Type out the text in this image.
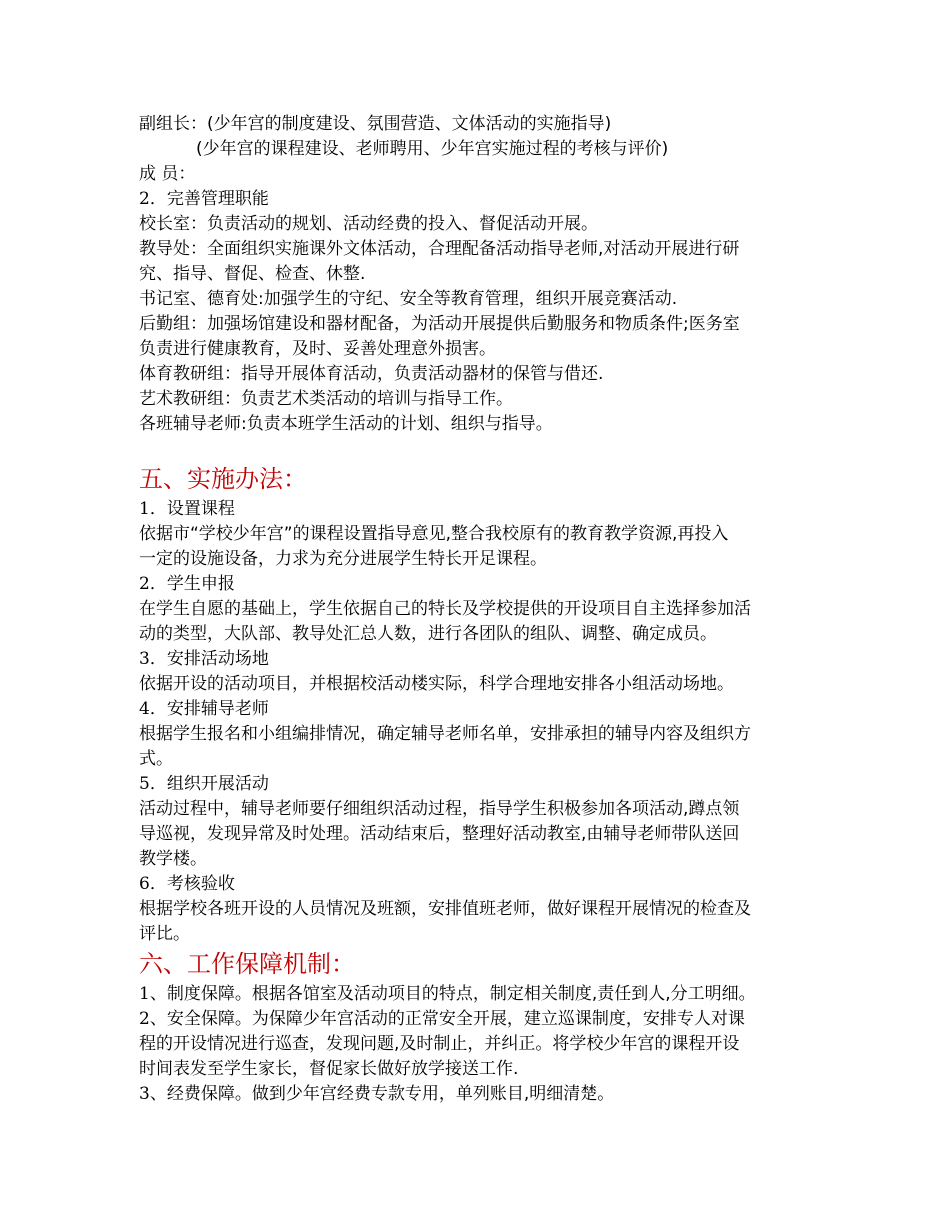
副组长：(少年宫的制度建设、氛围营造、文体活动的实施指导)
(少年宫的课程建设、老师聘用、少年宫实施过程的考核与评价)
成 员：
2．完善管理职能
校长室：负责活动的规划、活动经费的投入、督促活动开展。
教导处：全面组织实施课外文体活动，合理配备活动指导老师,对活动开展进行研
究、指导、督促、检查、休整.
书记室、德育处:加强学生的守纪、安全等教育管理，组织开展竞赛活动.
后勤组：加强场馆建设和器材配备，为活动开展提供后勤服务和物质条件;医务室
负责进行健康教育，及时、妥善处理意外损害。
体育教研组：指导开展体育活动，负责活动器材的保管与借还.
艺术教研组：负责艺术类活动的培训与指导工作。
各班辅导老师:负责本班学生活动的计划、组织与指导。
五、实施办法：
1．设置课程
依据市“学校少年宫”的课程设置指导意见,整合我校原有的教育教学资源,再投入
一定的设施设备，力求为充分进展学生特长开足课程。
2．学生申报
在学生自愿的基础上，学生依据自己的特长及学校提供的开设项目自主选择参加活
动的类型，大队部、教导处汇总人数，进行各团队的组队、调整、确定成员。
3．安排活动场地
依据开设的活动项目，并根据校活动楼实际，科学合理地安排各小组活动场地。
4．安排辅导老师
根据学生报名和小组编排情况，确定辅导老师名单，安排承担的辅导内容及组织方
式。
5．组织开展活动
活动过程中，辅导老师要仔细组织活动过程，指导学生积极参加各项活动,蹲点领
导巡视，发现异常及时处理。活动结束后，整理好活动教室,由辅导老师带队送回
教学楼。
6．考核验收
根据学校各班开设的人员情况及班额，安排值班老师，做好课程开展情况的检查及
评比。
六、工作保障机制：
1、制度保障。根据各馆室及活动项目的特点，制定相关制度,责任到人,分工明细。
2、安全保障。为保障少年宫活动的正常安全开展，建立巡课制度，安排专人对课
程的开设情况进行巡查，发现问题,及时制止，并纠正。将学校少年宫的课程开设
时间表发至学生家长，督促家长做好放学接送工作.
3、经费保障。做到少年宫经费专款专用，单列账目,明细清楚。
